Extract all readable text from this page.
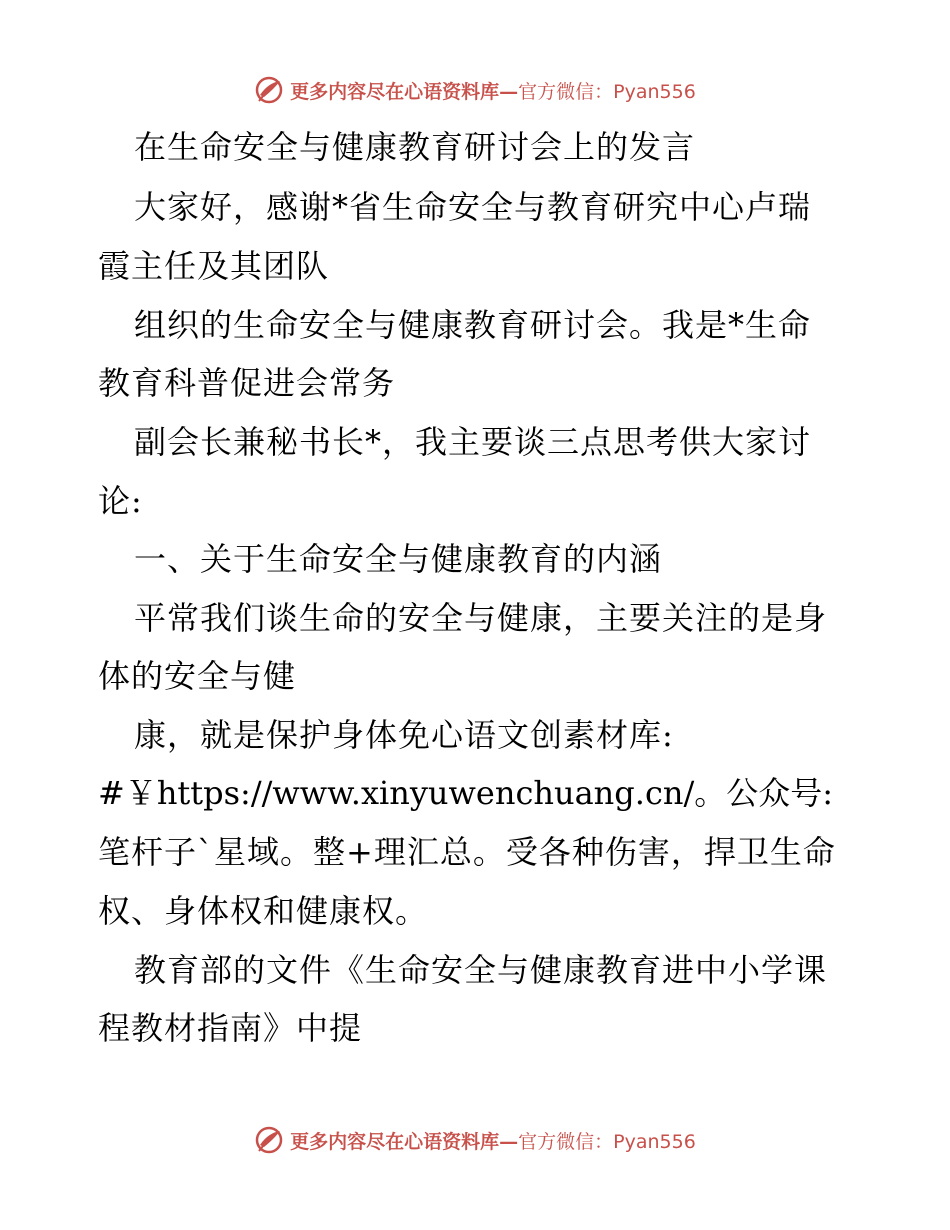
更多内容尽在心语资料库—官方微信：Pyan556
在生命安全与健康教育研讨会上的发言
大家好，感谢*省生命安全与教育研究中心卢瑞
霞主任及其团队
组织的生命安全与健康教育研讨会。我是*生命
教育科普促进会常务
副会长兼秘书长*，我主要谈三点思考供大家讨
论:
一、关于生命安全与健康教育的内涵
平常我们谈生命的安全与健康，主要关注的是身
体的安全与健
康，就是保护身体免心语文创素材库:
#￥https://www.xinyuwenchuang.cn/。公众号:
笔杆子`星域。整+理汇总。受各种伤害，捍卫生命
权、身体权和健康权。
教育部的文件《生命安全与健康教育进中小学课
程教材指南》中提
更多内容尽在心语资料库—官方微信：Pyan556
